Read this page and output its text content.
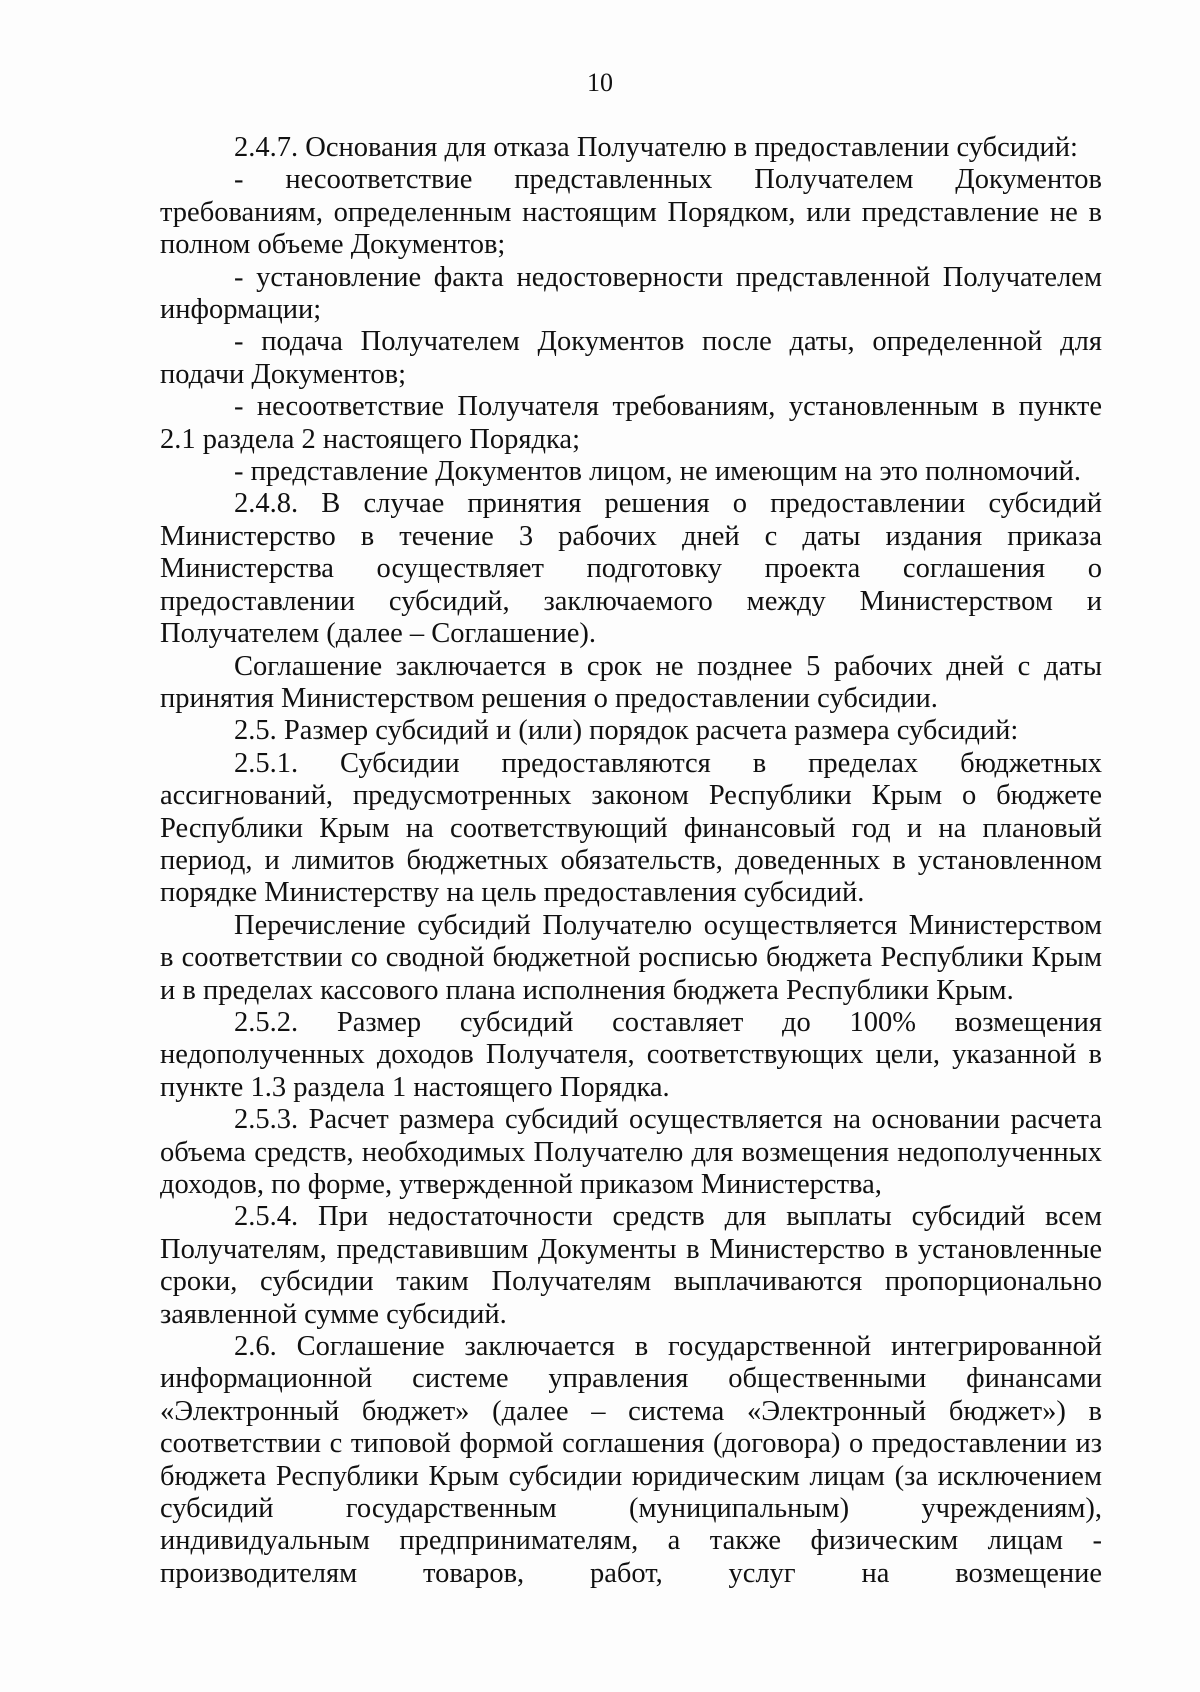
10

2.4.7. Основания для отказа Получателю в предоставлении субсидий:

- несоответствие представленных Получателем Документов требованиям, определенным настоящим Порядком, или представление не в полном объеме Документов;

- установление факта недостоверности представленной Получателем информации;

- подача Получателем Документов после даты, определенной для подачи Документов;

- несоответствие Получателя требованиям, установленным в пункте 2.1 раздела 2 настоящего Порядка;

- представление Документов лицом, не имеющим на это полномочий.

2.4.8. В случае принятия решения о предоставлении субсидий Министерство в течение 3 рабочих дней с даты издания приказа Министерства осуществляет подготовку проекта соглашения о предоставлении субсидий, заключаемого между Министерством и Получателем (далее – Соглашение).

Соглашение заключается в срок не позднее 5 рабочих дней с даты принятия Министерством решения о предоставлении субсидии.

2.5. Размер субсидий и (или) порядок расчета размера субсидий:

2.5.1. Субсидии предоставляются в пределах бюджетных ассигнований, предусмотренных законом Республики Крым о бюджете Республики Крым на соответствующий финансовый год и на плановый период, и лимитов бюджетных обязательств, доведенных в установленном порядке Министерству на цель предоставления субсидий.

Перечисление субсидий Получателю осуществляется Министерством в соответствии со сводной бюджетной росписью бюджета Республики Крым и в пределах кассового плана исполнения бюджета Республики Крым.

2.5.2. Размер субсидий составляет до 100% возмещения недополученных доходов Получателя, соответствующих цели, указанной в пункте 1.3 раздела 1 настоящего Порядка.

2.5.3. Расчет размера субсидий осуществляется на основании расчета объема средств, необходимых Получателю для возмещения недополученных доходов, по форме, утвержденной приказом Министерства,

2.5.4. При недостаточности средств для выплаты субсидий всем Получателям, представившим Документы в Министерство в установленные сроки, субсидии таким Получателям выплачиваются пропорционально заявленной сумме субсидий.

2.6. Соглашение заключается в государственной интегрированной информационной системе управления общественными финансами «Электронный бюджет» (далее – система «Электронный бюджет») в соответствии с типовой формой соглашения (договора) о предоставлении из бюджета Республики Крым субсидии юридическим лицам (за исключением субсидий государственным (муниципальным) учреждениям), индивидуальным предпринимателям, а также физическим лицам - производителям товаров, работ, услуг на возмещение
